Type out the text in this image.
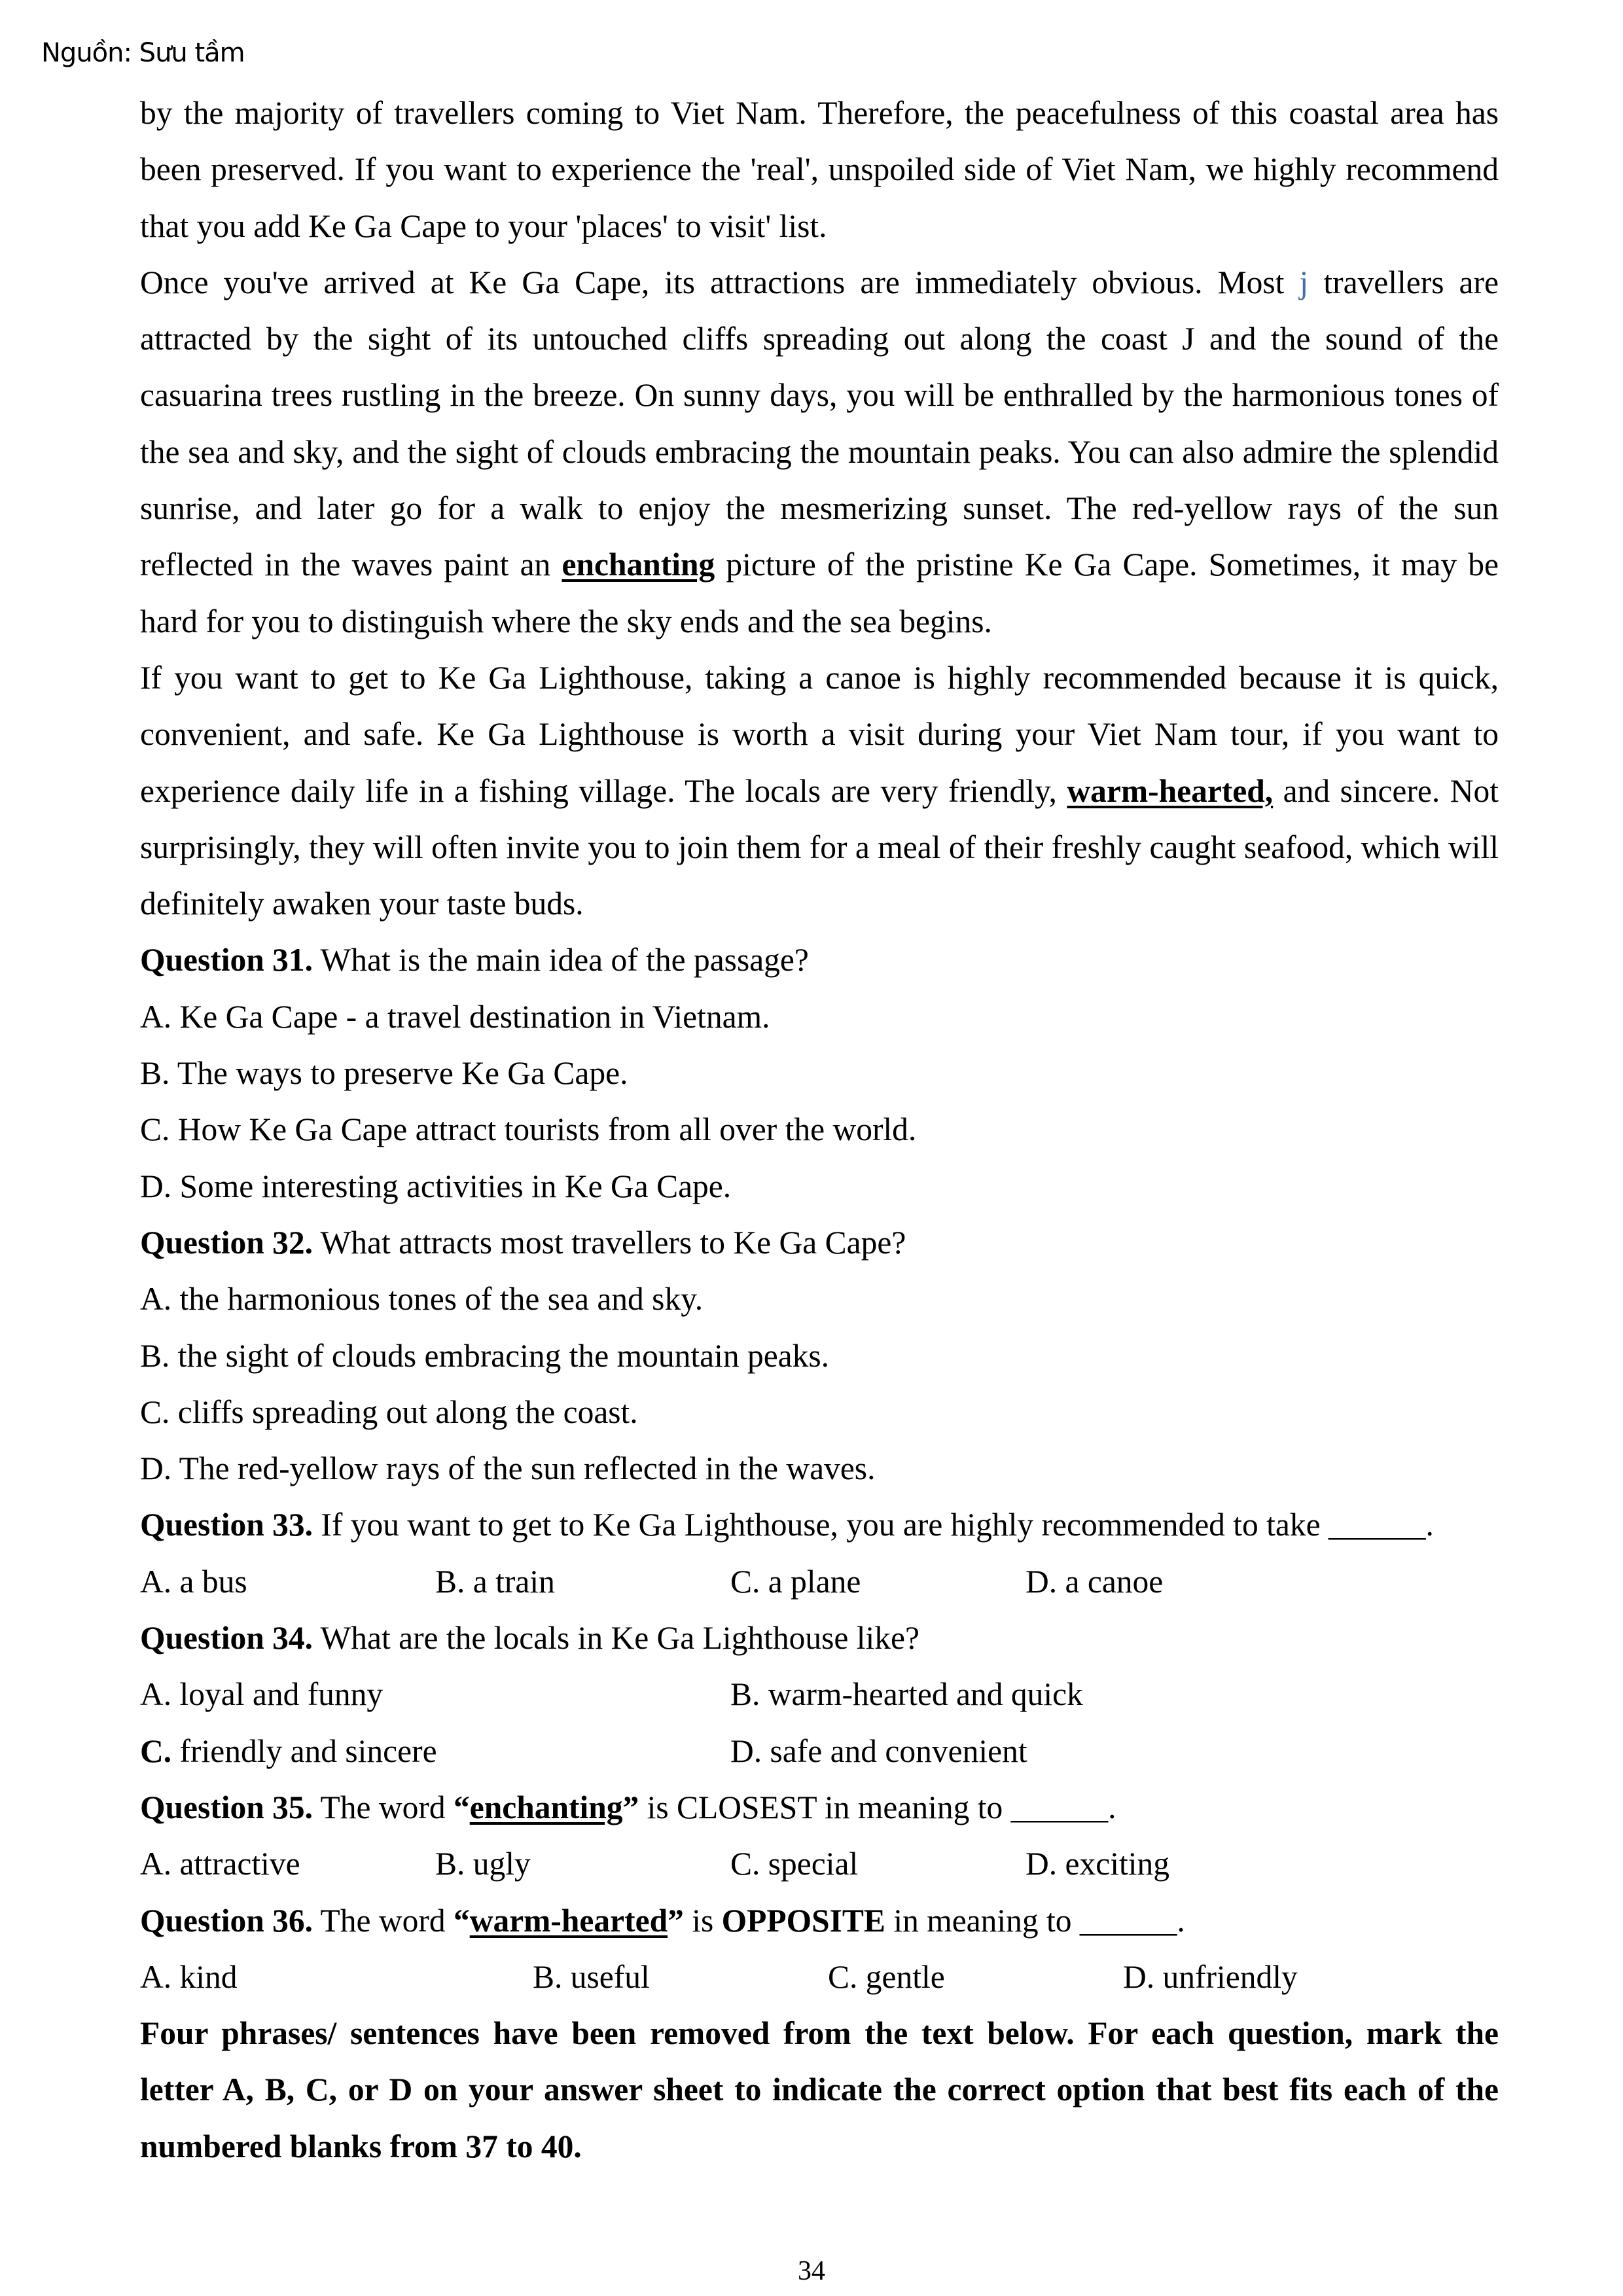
Nguồn: Sưu tầm

by the majority of travellers coming to Viet Nam. Therefore, the peacefulness of this coastal area has been preserved. If you want to experience the 'real', unspoiled side of Viet Nam, we highly recommend that you add Ke Ga Cape to your 'places' to visit' list.

Once you've arrived at Ke Ga Cape, its attractions are immediately obvious. Most j travellers are attracted by the sight of its untouched cliffs spreading out along the coast J and the sound of the casuarina trees rustling in the breeze. On sunny days, you will be enthralled by the harmonious tones of the sea and sky, and the sight of clouds embracing the mountain peaks. You can also admire the splendid sunrise, and later go for a walk to enjoy the mesmerizing sunset. The red-yellow rays of the sun reflected in the waves paint an enchanting picture of the pristine Ke Ga Cape. Sometimes, it may be hard for you to distinguish where the sky ends and the sea begins.

If you want to get to Ke Ga Lighthouse, taking a canoe is highly recommended because it is quick, convenient, and safe. Ke Ga Lighthouse is worth a visit during your Viet Nam tour, if you want to experience daily life in a fishing village. The locals are very friendly, warm-hearted, and sincere. Not surprisingly, they will often invite you to join them for a meal of their freshly caught seafood, which will definitely awaken your taste buds.

Question 31. What is the main idea of the passage?

A. Ke Ga Cape - a travel destination in Vietnam.

B. The ways to preserve Ke Ga Cape.

C. How Ke Ga Cape attract tourists from all over the world.

D. Some interesting activities in Ke Ga Cape.

Question 32. What attracts most travellers to Ke Ga Cape?

A. the harmonious tones of the sea and sky.

B. the sight of clouds embracing the mountain peaks.

C. cliffs spreading out along the coast.

D. The red-yellow rays of the sun reflected in the waves.

Question 33. If you want to get to Ke Ga Lighthouse, you are highly recommended to take ______.

A. a bus	B. a train	C. a plane	D. a canoe

Question 34. What are the locals in Ke Ga Lighthouse like?

A. loyal and funny	B. warm-hearted and quick
C. friendly and sincere	D. safe and convenient

Question 35. The word “enchanting” is CLOSEST in meaning to ______.

A. attractive	B. ugly	C. special	D. exciting

Question 36. The word “warm-hearted” is OPPOSITE in meaning to ______.

A. kind	B. useful	C. gentle	D. unfriendly

Four phrases/ sentences have been removed from the text below. For each question, mark the letter A, B, C, or D on your answer sheet to indicate the correct option that best fits each of the numbered blanks from 37 to 40.

34
